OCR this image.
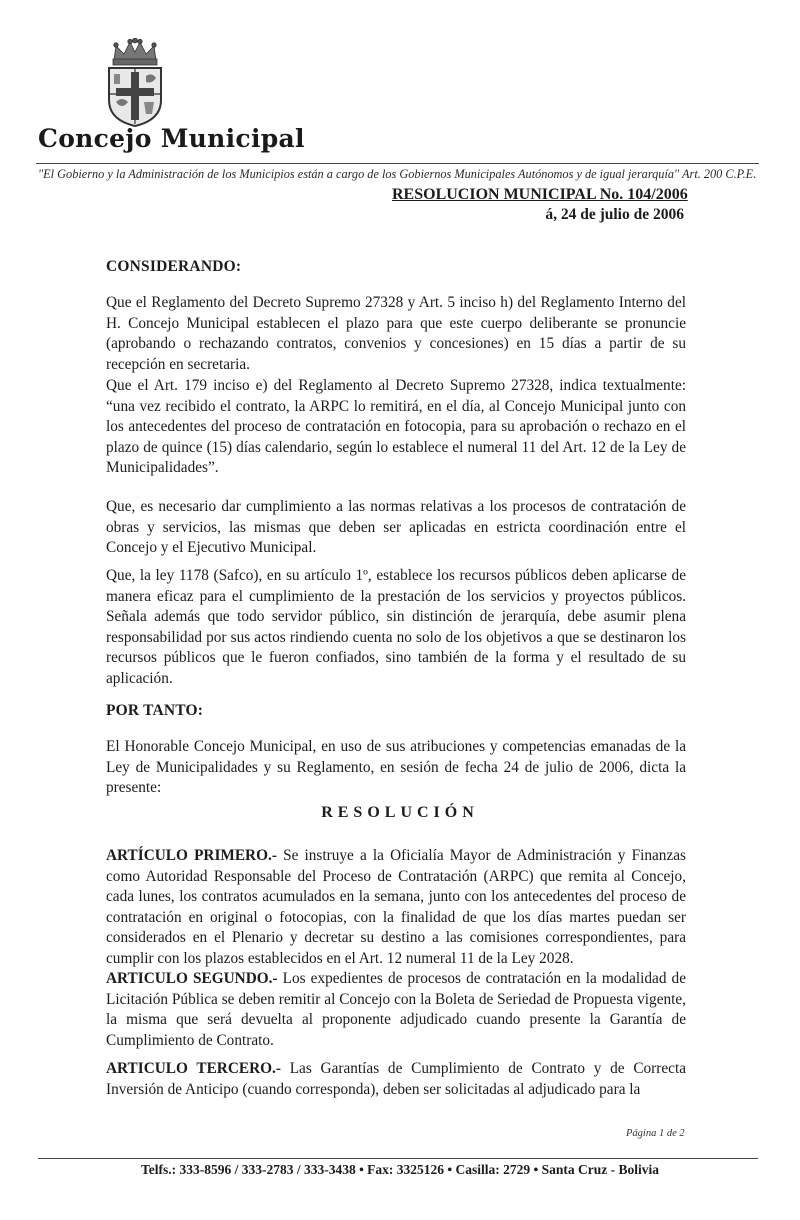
Concejo Municipal
"El Gobierno y la Administración de los Municipios están a cargo de los Gobiernos Municipales Autónomos y de igual jerarquía" Art. 200 C.P.E.
RESOLUCION MUNICIPAL No. 104/2006
á, 24 de julio de 2006
CONSIDERANDO:

Que el Reglamento del Decreto Supremo 27328 y Art. 5 inciso h) del Reglamento Interno del H. Concejo Municipal establecen el plazo para que este cuerpo deliberante se pronuncie (aprobando o rechazando contratos, convenios y concesiones) en 15 días a partir de su recepción en secretaria.

Que el Art. 179 inciso e) del Reglamento al Decreto Supremo 27328, indica textualmente: “una vez recibido el contrato, la ARPC lo remitirá, en el día, al Concejo Municipal junto con los antecedentes del proceso de contratación en fotocopia, para su aprobación o rechazo en el plazo de quince (15) días calendario, según lo establece el numeral 11 del Art. 12 de la Ley de Municipalidades”.

Que, es necesario dar cumplimiento a las normas relativas a los procesos de contratación de obras y servicios, las mismas que deben ser aplicadas en estricta coordinación entre el Concejo y el Ejecutivo Municipal.

Que, la ley 1178 (Safco), en su artículo 1º, establece los recursos públicos deben aplicarse de manera eficaz para el cumplimiento de la prestación de los servicios y proyectos públicos. Señala además que todo servidor público, sin distinción de jerarquía, debe asumir plena responsabilidad por sus actos rindiendo cuenta no solo de los objetivos a que se destinaron los recursos públicos que le fueron confiados, sino también de la forma y el resultado de su aplicación.

POR TANTO:

El Honorable Concejo Municipal, en uso de sus atribuciones y competencias emanadas de la Ley de Municipalidades y su Reglamento, en sesión de fecha 24 de julio de 2006, dicta la presente:

RESOLUCIÓN

ARTÍCULO PRIMERO.- Se instruye a la Oficialía Mayor de Administración y Finanzas como Autoridad Responsable del Proceso de Contratación (ARPC) que remita al Concejo, cada lunes, los contratos acumulados en la semana, junto con los antecedentes del proceso de contratación en original o fotocopias, con la finalidad de que los días martes puedan ser considerados en el Plenario y decretar su destino a las comisiones correspondientes, para cumplir con los plazos establecidos en el Art. 12 numeral 11 de la Ley 2028.

ARTICULO SEGUNDO.- Los expedientes de procesos de contratación en la modalidad de Licitación Pública se deben remitir al Concejo con la Boleta de Seriedad de Propuesta vigente, la misma que será devuelta al proponente adjudicado cuando presente la Garantía de Cumplimiento de Contrato.

ARTICULO TERCERO.- Las Garantías de Cumplimiento de Contrato y de Correcta Inversión de Anticipo (cuando corresponda), deben ser solicitadas al adjudicado para la

Página 1 de 2
Telfs.: 333-8596 / 333-2783 / 333-3438 • Fax: 3325126 • Casilla: 2729 • Santa Cruz - Bolivia
